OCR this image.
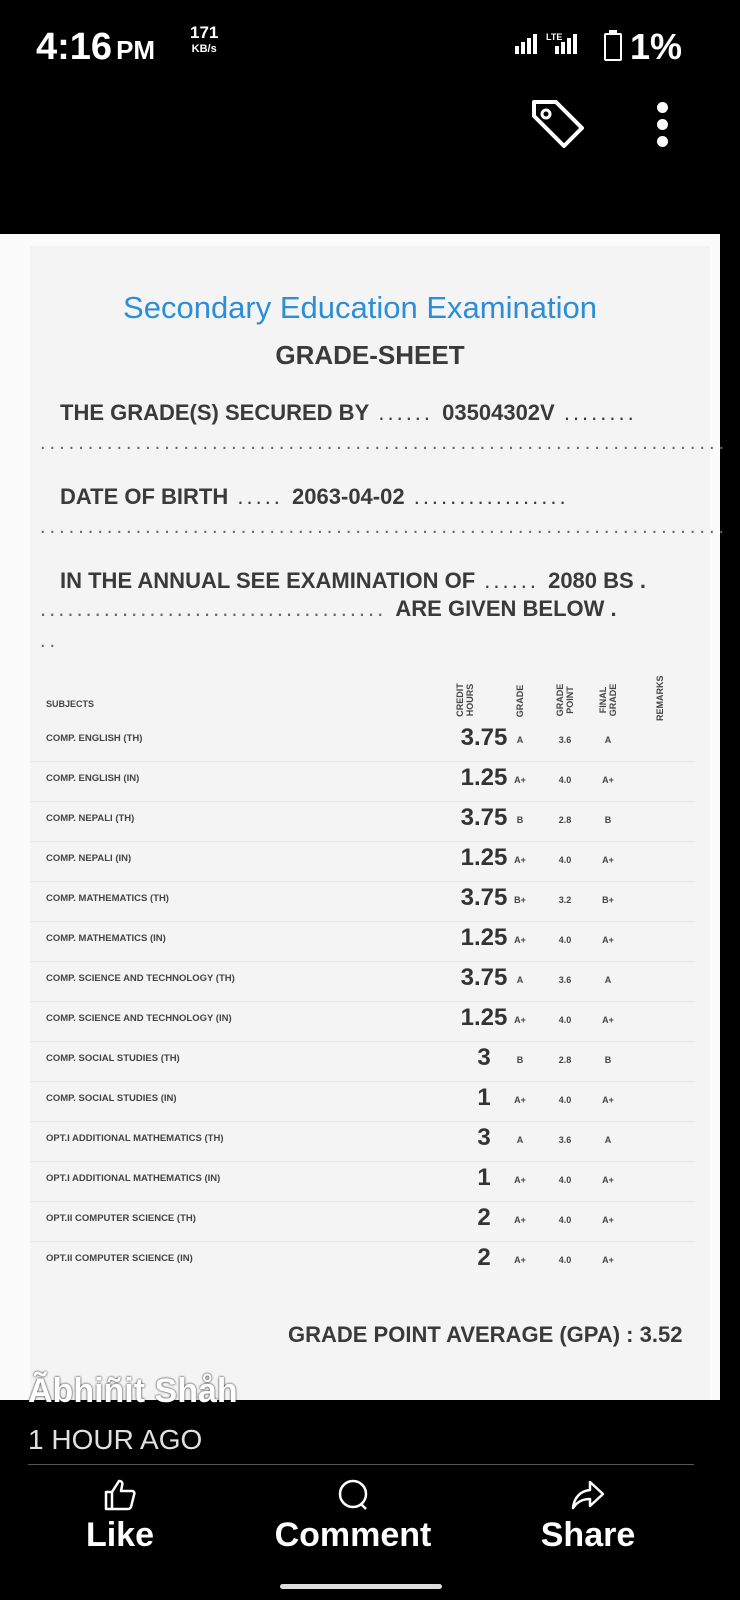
4:16 PM
171
KB/s
LTE 1%
Secondary Education Examination
GRADE-SHEET
THE GRADE(S) SECURED BY ...... 03504302V ........
........................................................................
DATE OF BIRTH ..... 2063-04-02 .................
........................................................................
IN THE ANNUAL SEE EXAMINATION OF ...... 2080 BS .
...................................... ARE GIVEN BELOW .
..
SUBJECTS	CREDIT HOURS	GRADE	GRADE POINT	FINAL GRADE	REMARKS
COMP. ENGLISH (TH)	3.75	A	3.6	A
COMP. ENGLISH (IN)	1.25 A+	4.0	A+
COMP. NEPALI (TH)	3.75	B	2.8	B
COMP. NEPALI (IN)	1.25 A+	4.0	A+
COMP. MATHEMATICS (TH)	3.75 B+	3.2	B+
COMP. MATHEMATICS (IN)	1.25 A+	4.0	A+
COMP. SCIENCE AND TECHNOLOGY (TH)	3.75	A	3.6	A
COMP. SCIENCE AND TECHNOLOGY (IN)	1.25 A+	4.0	A+
COMP. SOCIAL STUDIES (TH)	3	B	2.8	B
COMP. SOCIAL STUDIES (IN)	1	A+	4.0	A+
OPT.I ADDITIONAL MATHEMATICS (TH)	3	A	3.6	A
OPT.I ADDITIONAL MATHEMATICS (IN)	1	A+	4.0	A+
OPT.II COMPUTER SCIENCE (TH)	2	A+	4.0	A+
OPT.II COMPUTER SCIENCE (IN)	2	A+	4.0	A+
GRADE POINT AVERAGE (GPA) : 3.52
Ãbhiñit Shåh
1 HOUR AGO
Like	Comment	Share
